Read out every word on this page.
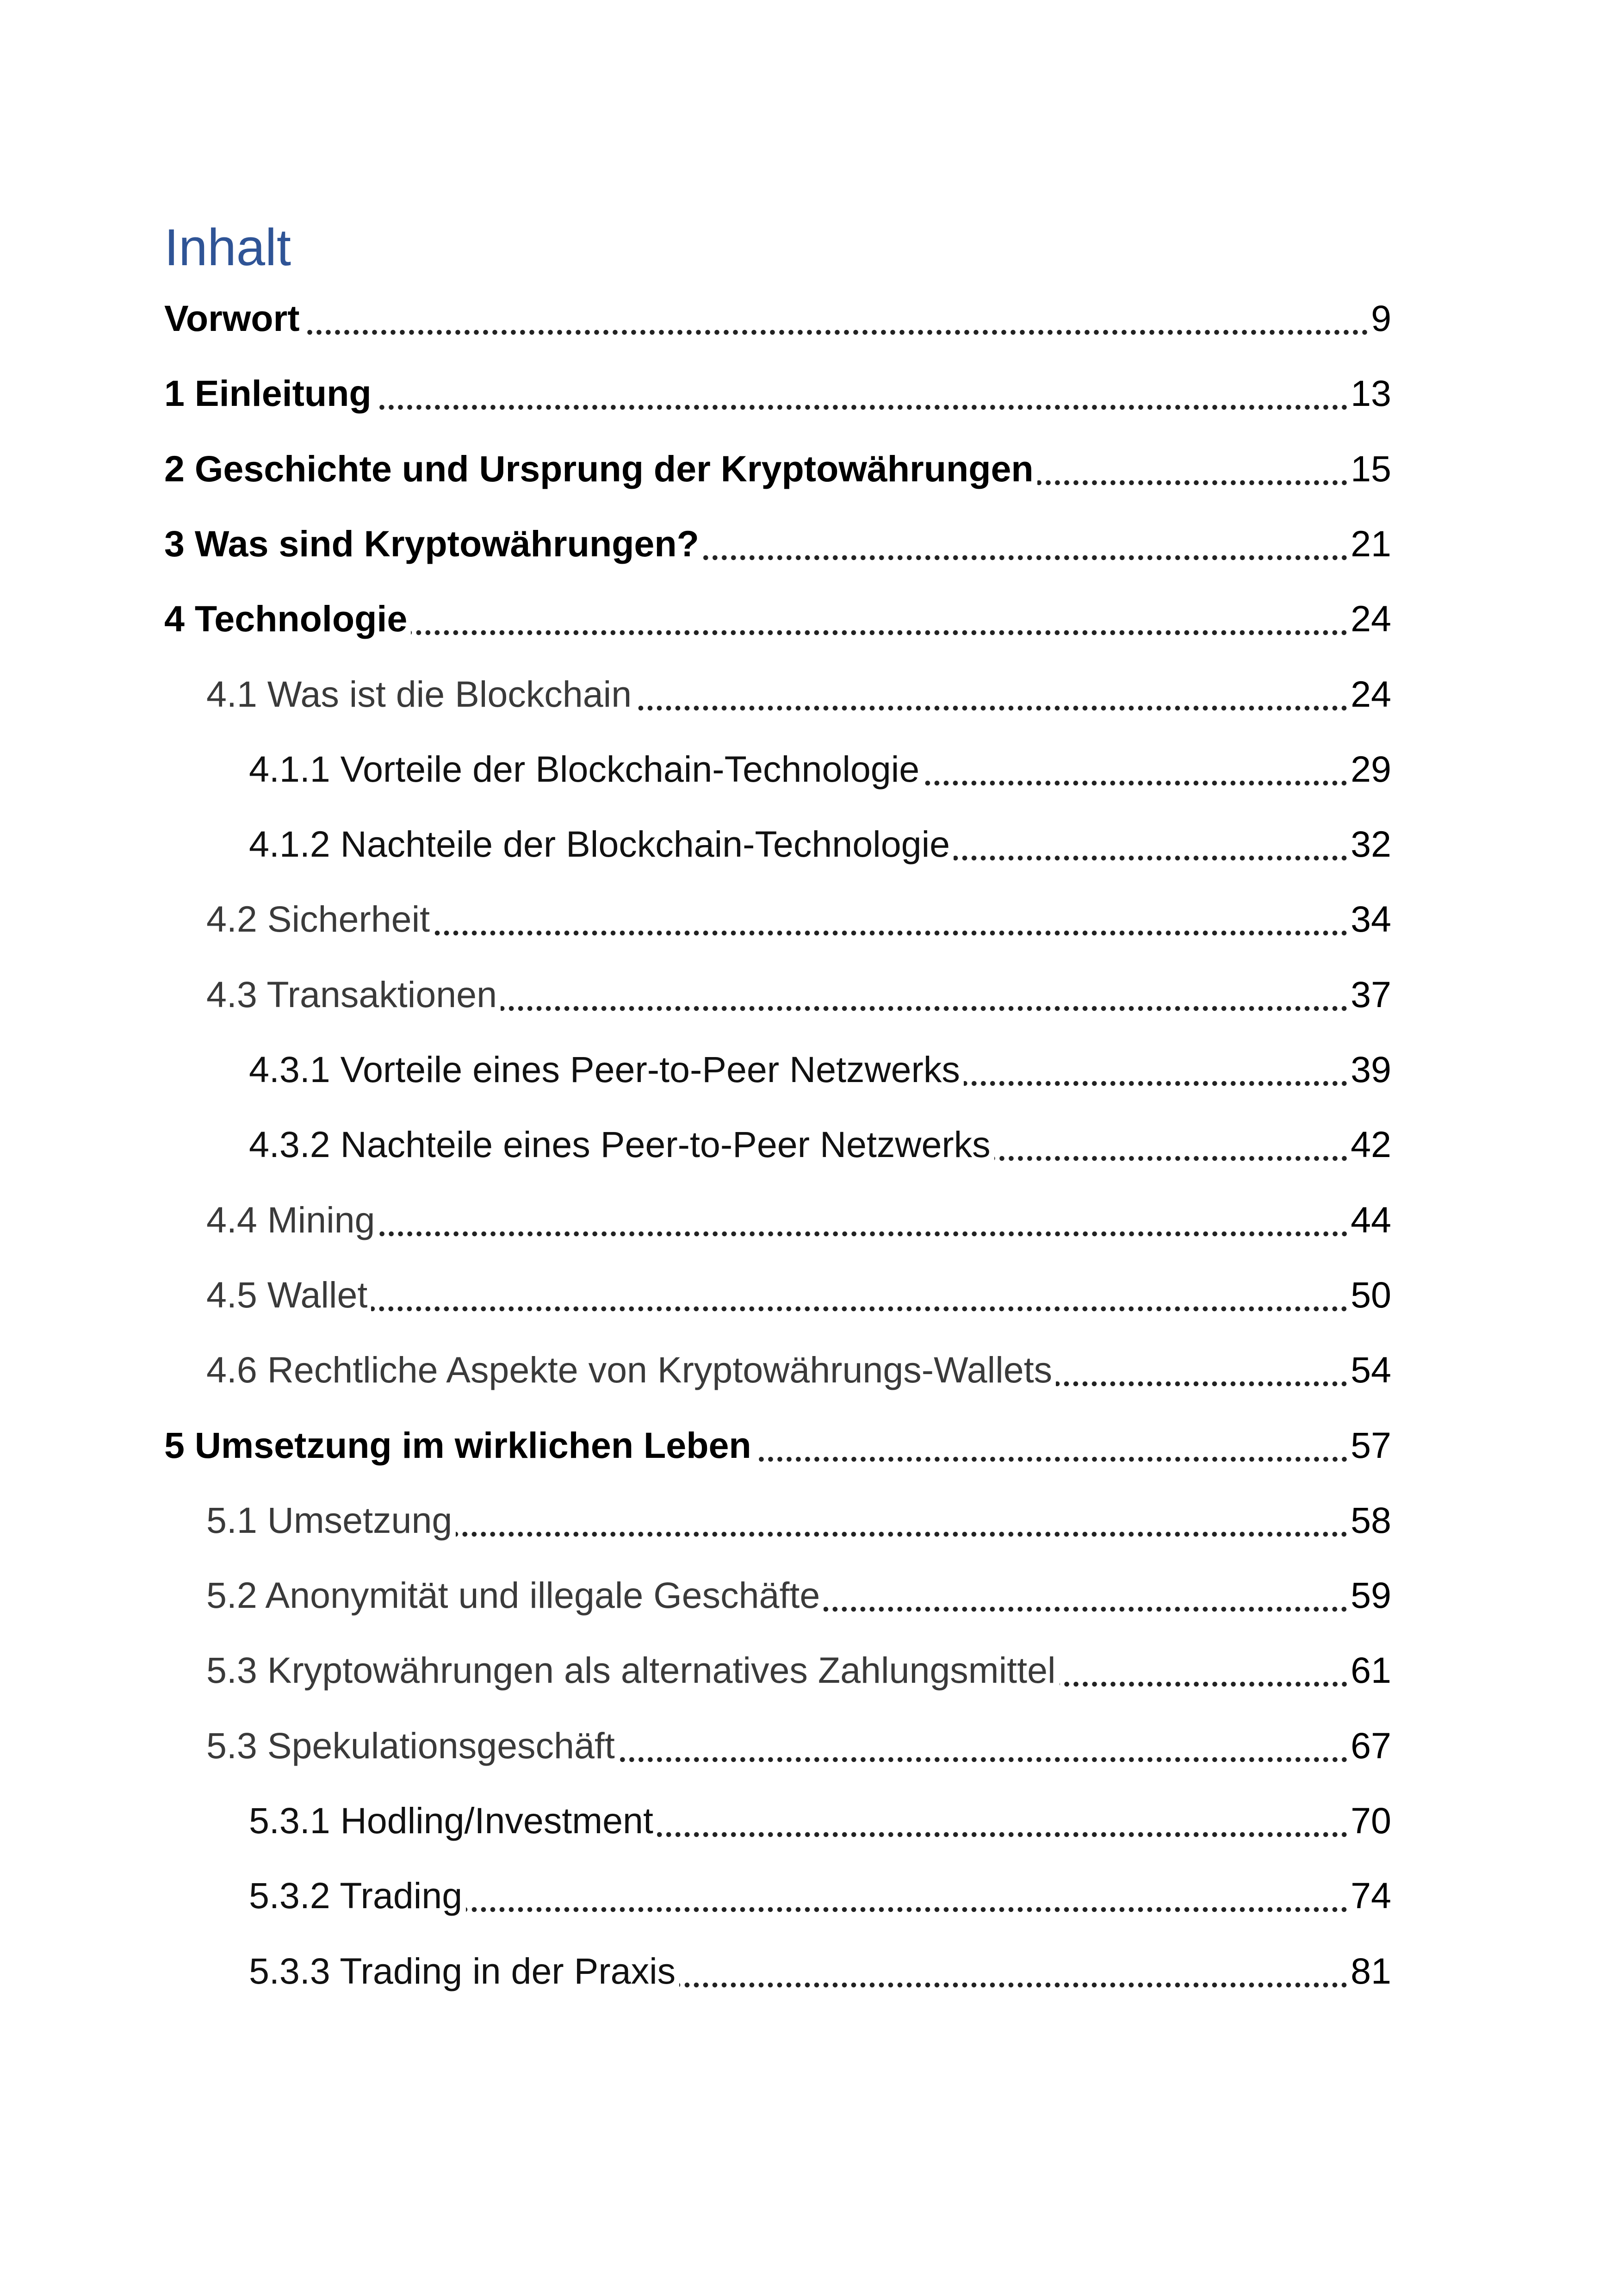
Inhalt
Vorwort	9
1 Einleitung	13
2 Geschichte und Ursprung der Kryptowährungen	15
3 Was sind Kryptowährungen?	21
4 Technologie	24
4.1 Was ist die Blockchain	24
4.1.1 Vorteile der Blockchain-Technologie	29
4.1.2 Nachteile der Blockchain-Technologie	32
4.2 Sicherheit	34
4.3 Transaktionen	37
4.3.1 Vorteile eines Peer-to-Peer Netzwerks	39
4.3.2 Nachteile eines Peer-to-Peer Netzwerks	42
4.4 Mining	44
4.5 Wallet	50
4.6 Rechtliche Aspekte von Kryptowährungs-Wallets	54
5 Umsetzung im wirklichen Leben	57
5.1 Umsetzung	58
5.2 Anonymität und illegale Geschäfte	59
5.3 Kryptowährungen als alternatives Zahlungsmittel	61
5.3 Spekulationsgeschäft	67
5.3.1 Hodling/Investment	70
5.3.2 Trading	74
5.3.3 Trading in der Praxis	81
